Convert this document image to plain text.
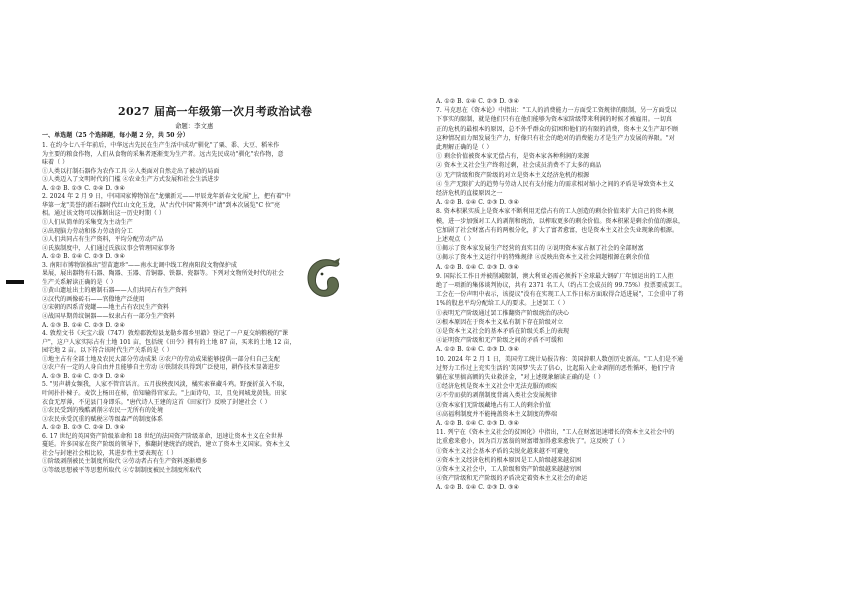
2027 届高一年级第一次月考政治试卷
命题：李文惠
一、单选题（25 个选择题，每小题 2 分，共 50 分）
1. 在约今七八千年前后，中华远古先民在生产生活中成功"驯化"了粟、黍、大豆、稻米作
为主要的粮食作物，人们从食物的采集者逐渐变为生产者。远古先民成功"驯化"农作物，意
味着（ ）
①人类以打制石器作为农作工具 ②人类面对自然走出了被动的局面
③人类迈入了文明时代的门槛 ④农业生产方式发展和社会生活进步
A. ①② B. ①③ C. ②④ D. ③④
2. 2024 年 2 月 9 日，中国国家博物馆在"龙骧新元——甲辰龙年新春文化展"上，把有着"中
华第一龙"美誉的新石器时代红山文化玉龙，从"古代中国"陈列中"请"到本次展览"C 位"亮
相。通过该文物可以推断出这一历史时期（ ）
①人们从简单的采集变为主动生产
②出现脑力劳动和体力劳动的分工
③人们共同占有生产资料，平均分配劳动产品
④氏族制度中，人们通过氏族议事会管理国家事务
A. ①② B. ①④ C. ②③ D. ③④
3. 南阳市博物馆推出"望苗遗珍"——南水北调中线工程南阳段文物保护成
果展，展出器物有石器、陶器、玉器、青铜器、铁器、瓷器等。下列对文物所处时代的社会
生产关系解读正确的是（ ）
①黄山遗址出土的磨制石器——人们共同占有生产资料
②汉代的画像砖石——官僚地产泛使用
③宋朝的四系青瓷罐——地主占有农民生产资料
④战国早期兽纹铜器——奴隶占有一部分生产资料
A. ①③ B. ①④ C. ②③ D. ②④
4. 敦煌文书《天宝六载（747）敦煌郡敦煌县龙勒乡都乡里籍》登记了一户夏交纳粮税的"课
户"，这户人家实际占有土地 101 亩，包括统《田令》拥有的土地 87 亩，买来的土地 12 亩，
园宅地 2 亩。以下符合该时代生产关系的是（ ）
①地主占有全部土地及农民大部分劳动成果 ②农户的劳动成果能够提供一部分归自己支配
③农户有一定的人身自由并且能够自主劳动 ④铁制农具得到广泛使用，耕作技术显著进步
A. ①③ B. ①④ C. ②③ D. ②④
5. "男声耕女频我，人家不管宫话言。五月拔秧夜风淡，橘实索崔藏斗鸡。野蚕折茧入不取，
叶间扑扑楝子。麦饮上杨田在柿，伯知输得官家去。"上面诗句，卫，且免间城龙黄钱。田家
衣食无厚薄，不见县门身即乐。"唐代诗人王建的这首《田家行》反映了封建社会（ ）
①农民受到的残酷剥削②农民一无所有的处境
③农民承受沉重的赋税②等级森严的制度体系
A. ①② B. ①③ C. ②④ D. ③④
6. 17 世纪的英国资产阶级革命和 18 世纪的法国资产阶级革命，迅速让资本主义在全世界
蔓延。许多国家在资产阶级的领导下，推翻封建统治的统治，建立了资本主义国家。资本主义
社会与封建社会相比较，其进步性主要表现在（ ）
①阶级剥削被民主制度所取代 ②劳动者占有生产资料逐渐增多
③等级思想被平等思想所取代 ④专制制度被民主制度所取代
A. ①② B. ①④ C. ②③ D. ③④
7. 马克思在《资本论》中指出："工人的消费能力一方面受工资规律的限制，另一方面受以
下事实的限制，就是他们只有在他们能够为资本家阶级带来利润的时候才被雇用。一切真
正的危机的最根本的原因，总不外乎群众的贫困和他们的有限的消费，资本主义生产却不顾
这种情况而力图发展生产力，好像只有社会的绝对的消费能力才是生产力发展的界限。"对
此理解正确的是（ ）
① 剩余价值被资本家无偿占有，是资本家各种利润的来源
② 资本主义社会生产终将过剩，社会成员消费不了太多的商品
③ 无产阶级和资产阶级的对立是资本主义经济危机的根源
④ 生产无限扩大的趋势与劳动人民有支付能力的需求相对缩小之间的矛盾是导致资本主义
经济危机的直接原因之一
A. ①② B. ①④ C. ②③ D. ③④
8. 资本积累实质上是资本家不断利用无偿占有的工人创造的剩余价值来扩大自己的资本规
模，进一步加强对工人的剥削和统治，以榨取更多的剩余价值。资本积累是剩余价值的源泉，
它加剧了社会财富占有的两极分化，扩大了富者愈富，也是资本主义社会失业现象的根源。
上述观点（ ）
①揭示了资本家发展生产经营的真实目的 ②说明资本家占据了社会的全部财富
③揭示了资本主义运行中的特殊规律 ④反映出资本主义社会问题根源在剩余价值
A. ①② B. ①④ C. ②③ D. ③④
9. 国际长工作日并被削减限制，澳大利亚必需必须拆下全球最大钢矿厂年加运出的工人拒
绝了一项新的集体谈判协议，共有 2371 名工人（约占工会成员的 99.75%）投票要成罢工。
工会在一份声明中表示，该提议"没有在实现工人工作日标方面取得合适进展"，工会重申了将
1%的股息平均分配给工人的要求。上述罢工（ ）
①表明无产阶级通过罢工推翻资产阶级统治的决心
②根本原因在于资本主义私有制下存在阶级对立
③是资本主义社会的基本矛盾在阶级关系上的表现
④证明资产阶级和无产阶级之间的矛盾不可缓和
A. ①② B. ①④ C. ②③ D. ③④
10. 2024 年 2 月 1 日，美国劳工统计局报告称：美国辞职人数创历史新高。"工人们是不通
过努力工作过上充实生活的'美国梦'失去了信心，比起陷入企业剥削的恶性循环，他们宁肯
躺在家里搞高额的失业救济金，"对上述现象解读正确的是（ ）
①经济危机是资本主义社会中无法克服的顽疾
②不劳而获的剥削制度背离入类社会发展规律
③资本家们无阶级藏地占有工人的剩余价值
④高福利制度并不能掩盖资本主义制度的弊端
A. ①② B. ①④ C. ②③ D. ③④
11. 列宁在《资本主义社会的贫困化》中指出，"工人在财富迅速增长的资本主义社会中的
比重愈来愈小，因为百万富翁的财富增加得愈来愈快了"。这反映了（ ）
①资本主义社会基本矛盾的尖锐化越来越不可避免
②资本主义经济危机的根本原因是工人阶级越来越贫困
③资本主义社会中，工人阶级和资产阶级越来越越穷困
④资产阶级和无产阶级的矛盾决定着资本主义社会的命运
A. ①② B. ①④ C. ②③ D. ③④
